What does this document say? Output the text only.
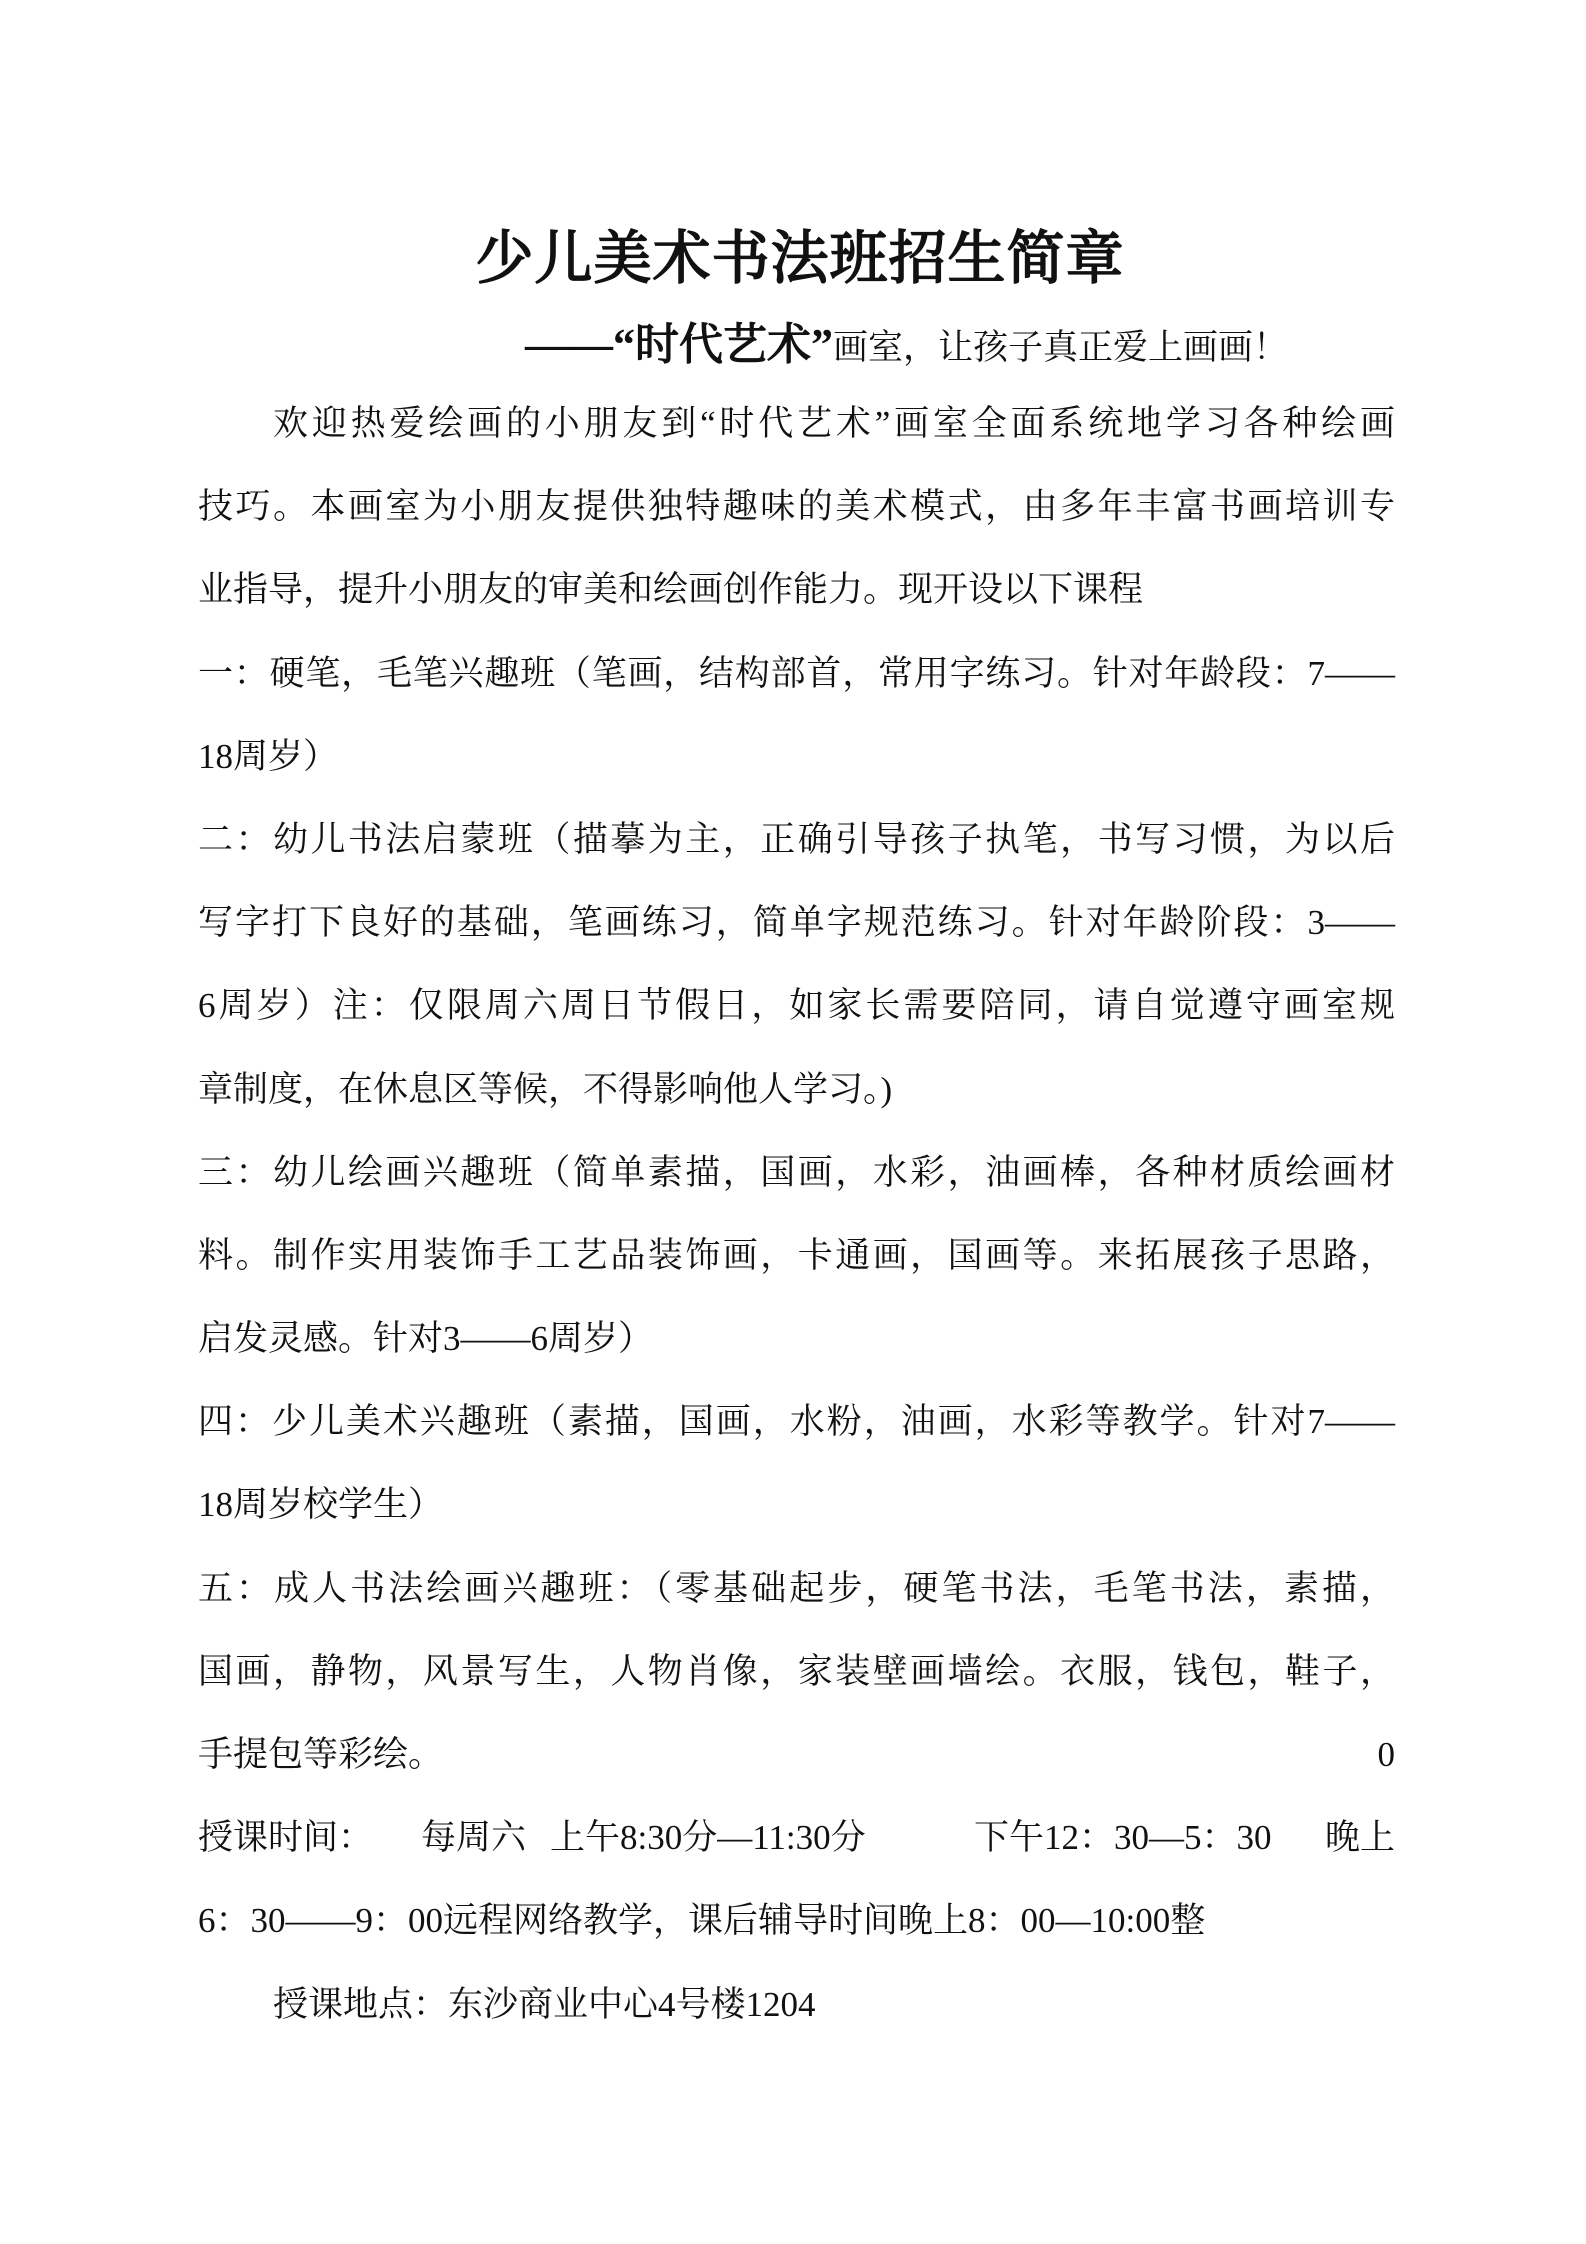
少儿美术书法班招生简章
——“时代艺术”画室，让孩子真正爱上画画！
欢迎热爱绘画的小朋友到“时代艺术”画室全面系统地学习各种绘画
技巧。本画室为小朋友提供独特趣味的美术模式，由多年丰富书画培训专
业指导，提升小朋友的审美和绘画创作能力。现开设以下课程
一：硬笔，毛笔兴趣班（笔画，结构部首，常用字练习。针对年龄段：7——
18周岁）
二：幼儿书法启蒙班（描摹为主，正确引导孩子执笔，书写习惯，为以后
写字打下良好的基础，笔画练习，简单字规范练习。针对年龄阶段：3——
6周岁）注：仅限周六周日节假日，如家长需要陪同，请自觉遵守画室规
章制度，在休息区等候，不得影响他人学习。)
三：幼儿绘画兴趣班（简单素描，国画，水彩，油画棒，各种材质绘画材
料。制作实用装饰手工艺品装饰画，卡通画，国画等。来拓展孩子思路，
启发灵感。针对3——6周岁）
四：少儿美术兴趣班（素描，国画，水粉，油画，水彩等教学。针对7——
18周岁校学生）
五：成人书法绘画兴趣班：（零基础起步，硬笔书法，毛笔书法，素描，
国画，静物，风景写生，人物肖像，家装壁画墙绘。衣服，钱包，鞋子，
手提包等彩绘。	0
授课时间： 每周六 上午8:30分—11:30分	下午12：30—5：30 晚上
6：30——9：00远程网络教学，课后辅导时间晚上8：00—10:00整
授课地点：东沙商业中心4号楼1204
